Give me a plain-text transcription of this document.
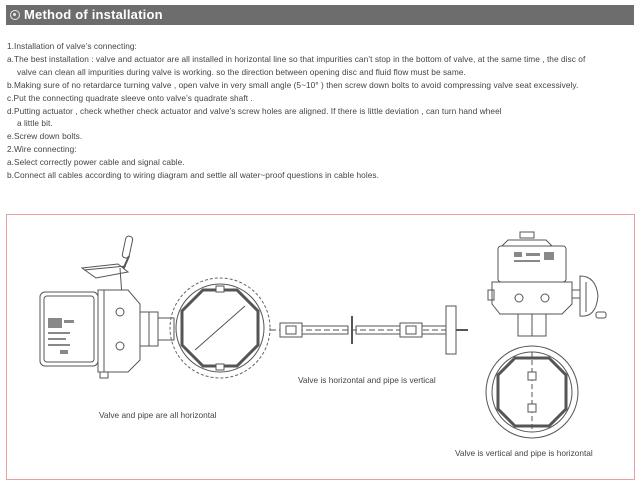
Method of installation
1.Installation of valve’s connecting:
a.The best installation : valve and actuator are all installed in horizontal line so that impurities can’t stop in the bottom of valve, at the same time , the disc of
valve can clean all impurities during valve is working. so the direction between opening disc and fluid flow must be same.
b.Making sure of no retardarce turning valve , open valve in very small angle (5~10° ) then screw down bolts to avoid compressing valve seat excessively.
c.Put the connecting quadrate sleeve onto valve’s quadrate shaft .
d.Putting actuator , check whether check actuator and valve’s screw holes are aligned. If there is little deviation , can turn hand wheel
a little bit.
e.Screw down bolts.
2.Wire connecting:
a.Select correctly power cable and signal cable.
b.Connect all cables according to wiring diagram and settle all water~proof questions in cable holes.
Valve and pipe are all horizontal
Valve is horizontal and pipe is vertical
Valve is vertical and pipe is horizontal
